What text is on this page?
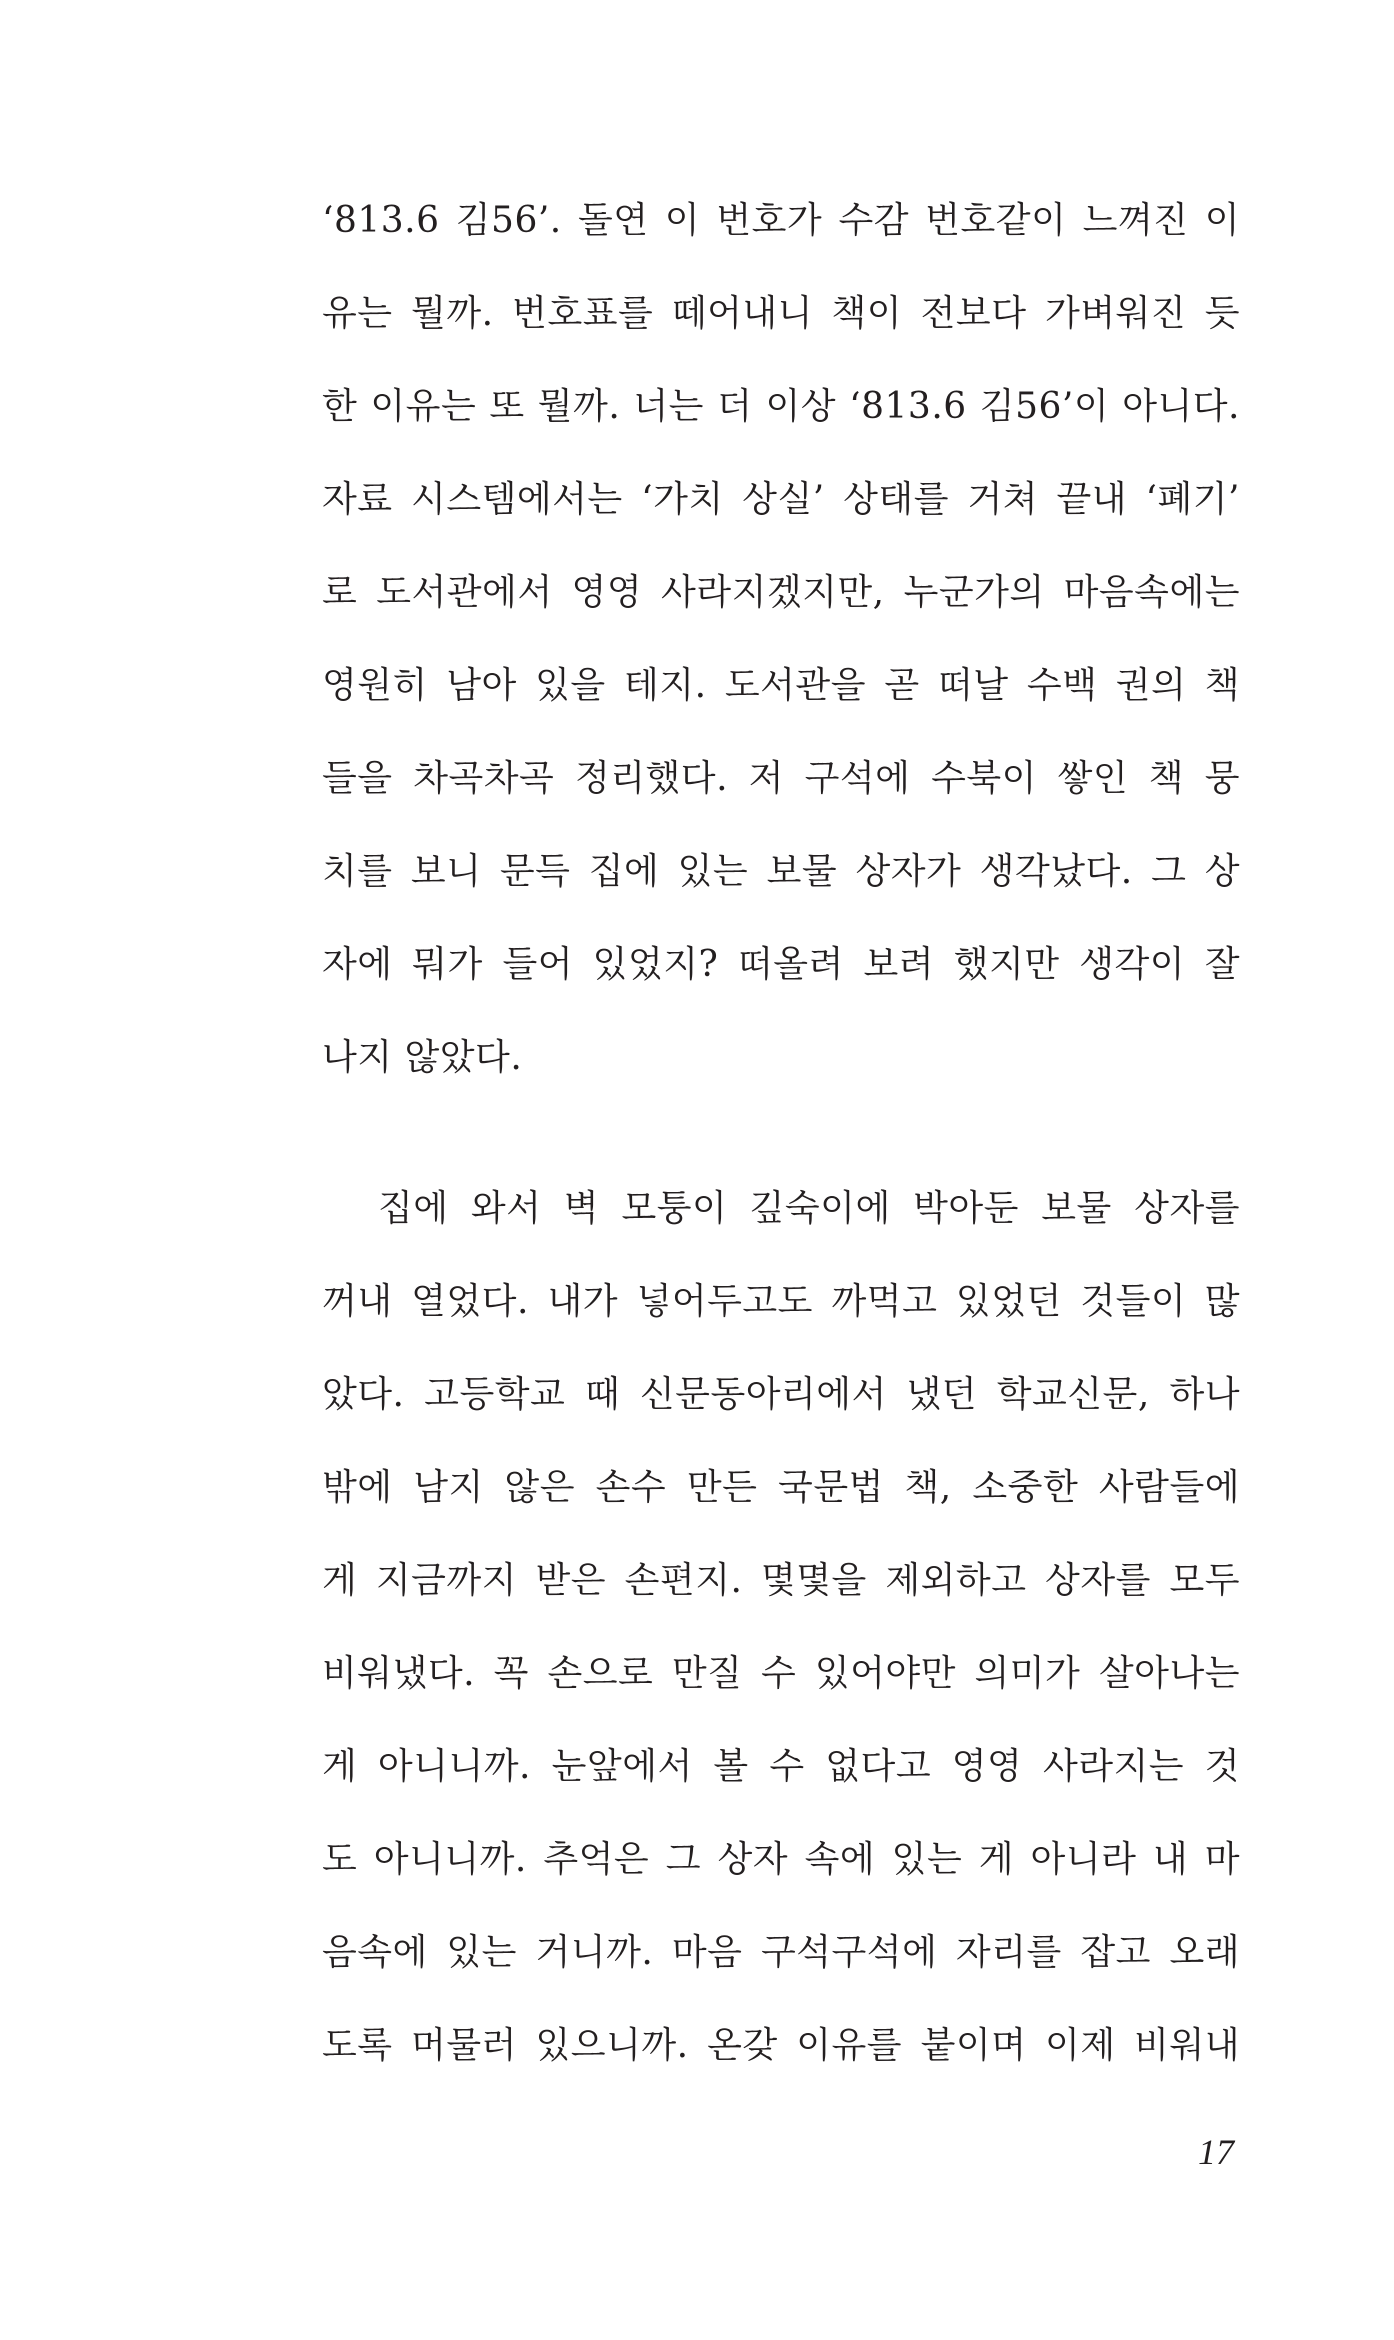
‘813.6 김56’. 돌연 이 번호가 수감 번호같이 느껴진 이
유는 뭘까. 번호표를 떼어내니 책이 전보다 가벼워진 듯
한 이유는 또 뭘까. 너는 더 이상 ‘813.6 김56’이 아니다.
자료 시스템에서는 ‘가치 상실’ 상태를 거쳐 끝내 ‘폐기’
로 도서관에서 영영 사라지겠지만, 누군가의 마음속에는
영원히 남아 있을 테지. 도서관을 곧 떠날 수백 권의 책
들을 차곡차곡 정리했다. 저 구석에 수북이 쌓인 책 뭉
치를 보니 문득 집에 있는 보물 상자가 생각났다. 그 상
자에 뭐가 들어 있었지? 떠올려 보려 했지만 생각이 잘
나지 않았다.
집에 와서 벽 모퉁이 깊숙이에 박아둔 보물 상자를
꺼내 열었다. 내가 넣어두고도 까먹고 있었던 것들이 많
았다. 고등학교 때 신문동아리에서 냈던 학교신문, 하나
밖에 남지 않은 손수 만든 국문법 책, 소중한 사람들에
게 지금까지 받은 손편지. 몇몇을 제외하고 상자를 모두
비워냈다. 꼭 손으로 만질 수 있어야만 의미가 살아나는
게 아니니까. 눈앞에서 볼 수 없다고 영영 사라지는 것
도 아니니까. 추억은 그 상자 속에 있는 게 아니라 내 마
음속에 있는 거니까. 마음 구석구석에 자리를 잡고 오래
도록 머물러 있으니까. 온갖 이유를 붙이며 이제 비워내
17
